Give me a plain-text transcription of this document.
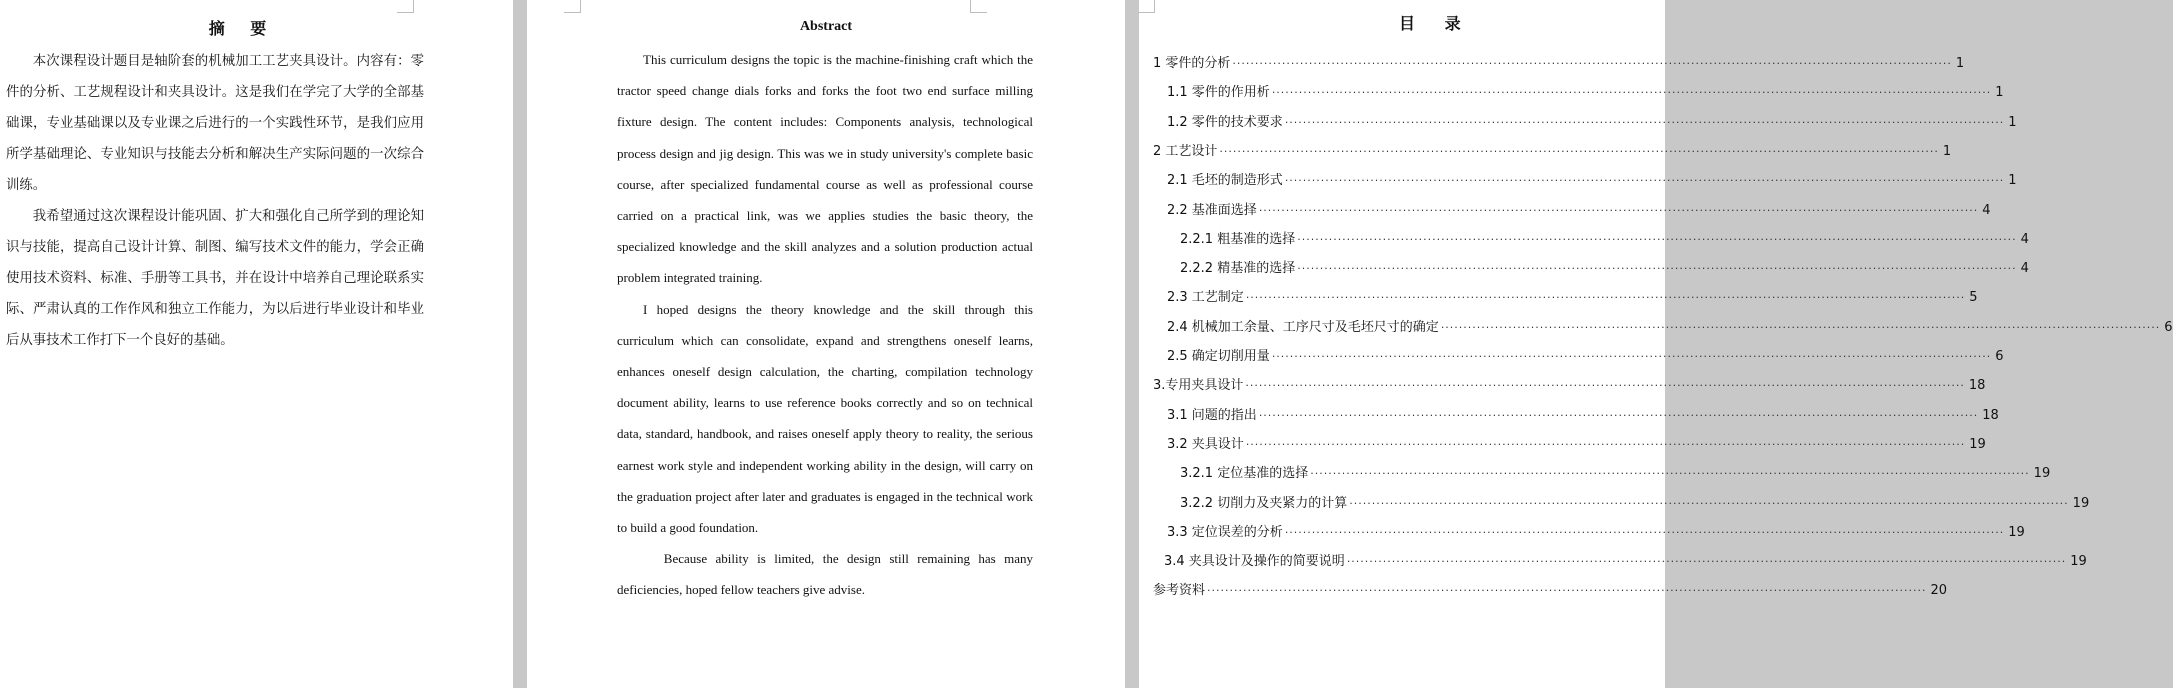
摘 要

本次课程设计题目是轴阶套的机械加工工艺夹具设计。内容有：零件的分析、工艺规程设计和夹具设计。这是我们在学完了大学的全部基础课，专业基础课以及专业课之后进行的一个实践性环节，是我们应用所学基础理论、专业知识与技能去分析和解决生产实际问题的一次综合训练。

我希望通过这次课程设计能巩固、扩大和强化自己所学到的理论知识与技能，提高自己设计计算、制图、编写技术文件的能力，学会正确使用技术资料、标准、手册等工具书，并在设计中培养自己理论联系实际、严肃认真的工作作风和独立工作能力，为以后进行毕业设计和毕业后从事技术工作打下一个良好的基础。

Abstract

This curriculum designs the topic is the machine-finishing craft which the tractor speed change dials forks and forks the foot two end surface milling fixture design. The content includes: Components analysis, technological process design and jig design. This was we in study university's complete basic course, after specialized fundamental course as well as professional course carried on a practical link, was we applies studies the basic theory, the specialized knowledge and the skill analyzes and a solution production actual problem integrated training.

I hoped designs the theory knowledge and the skill through this curriculum which can consolidate, expand and strengthens oneself learns, enhances oneself design calculation, the charting, compilation technology document ability, learns to use reference books correctly and so on technical data, standard, handbook, and raises oneself apply theory to reality, the serious earnest work style and independent working ability in the design, will carry on the graduation project after later and graduates is engaged in the technical work to build a good foundation.

Because ability is limited, the design still remaining has many deficiencies, hoped fellow teachers give advise.

目 录
1 零件的分析 ································································································································································ 1
1.1 零件的作用析 ································································································································································ 1
1.2 零件的技术要求 ································································································································································ 1
2 工艺设计 ································································································································································ 1
2.1 毛坯的制造形式 ································································································································································ 1
2.2 基准面选择 ································································································································································ 4
2.2.1 粗基准的选择 ································································································································································ 4
2.2.2 精基准的选择 ································································································································································ 4
2.3 工艺制定 ································································································································································ 5
2.4 机械加工余量、工序尺寸及毛坯尺寸的确定 ································································································································································ 6
2.5 确定切削用量 ································································································································································ 6
3.专用夹具设计 ································································································································································ 18
3.1 问题的指出 ································································································································································ 18
3.2 夹具设计 ································································································································································ 19
3.2.1 定位基准的选择 ································································································································································ 19
3.2.2 切削力及夹紧力的计算 ································································································································································ 19
3.3 定位误差的分析 ································································································································································ 19
3.4 夹具设计及操作的简要说明 ································································································································································ 19
参考资料 ································································································································································ 20
